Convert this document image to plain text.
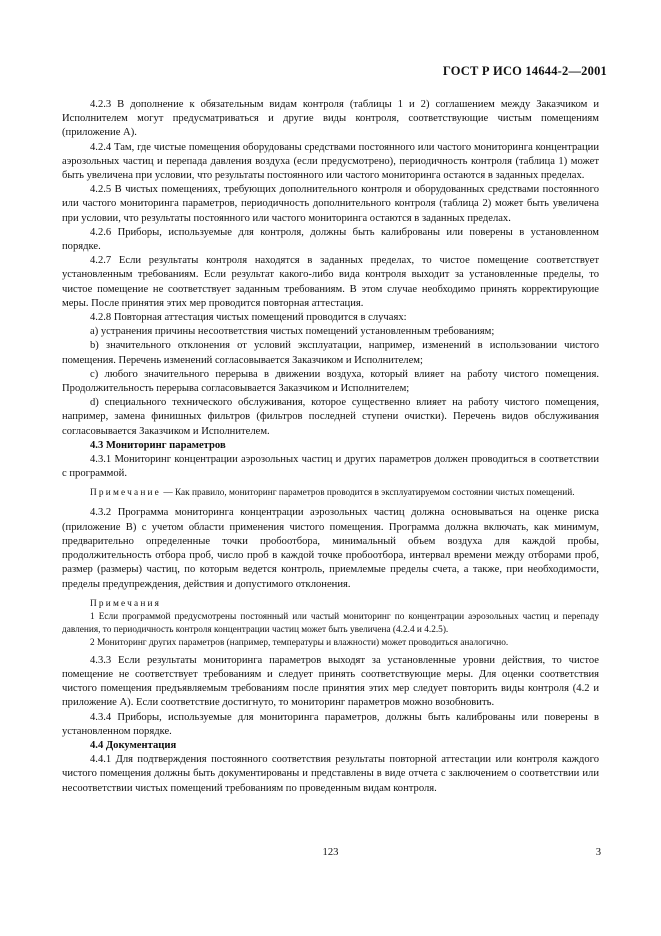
ГОСТ Р ИСО 14644-2—2001

4.2.3 В дополнение к обязательным видам контроля (таблицы 1 и 2) соглашением между Заказчиком и Исполнителем могут предусматриваться и другие виды контроля, соответствующие чистым помещениям (приложение А).

4.2.4 Там, где чистые помещения оборудованы средствами постоянного или частого мониторинга концентрации аэрозольных частиц и перепада давления воздуха (если предусмотрено), периодичность контроля (таблица 1) может быть увеличена при условии, что результаты постоянного или частого мониторинга остаются в заданных пределах.

4.2.5 В чистых помещениях, требующих дополнительного контроля и оборудованных средствами постоянного или частого мониторинга параметров, периодичность дополнительного контроля (таблица 2) может быть увеличена при условии, что результаты постоянного или частого мониторинга остаются в заданных пределах.

4.2.6 Приборы, используемые для контроля, должны быть калиброваны или поверены в установленном порядке.

4.2.7 Если результаты контроля находятся в заданных пределах, то чистое помещение соответствует установленным требованиям. Если результат какого-либо вида контроля выходит за установленные пределы, то чистое помещение не соответствует заданным требованиям. В этом случае необходимо принять корректирующие меры. После принятия этих мер проводится повторная аттестация.

4.2.8 Повторная аттестация чистых помещений проводится в случаях:

а) устранения причины несоответствия чистых помещений установленным требованиям;

b) значительного отклонения от условий эксплуатации, например, изменений в использовании чистого помещения. Перечень изменений согласовывается Заказчиком и Исполнителем;

c) любого значительного перерыва в движении воздуха, который влияет на работу чистого помещения. Продолжительность перерыва согласовывается Заказчиком и Исполнителем;

d) специального технического обслуживания, которое существенно влияет на работу чистого помещения, например, замена финишных фильтров (фильтров последней ступени очистки). Перечень видов обслуживания согласовывается Заказчиком и Исполнителем.

4.3 Мониторинг параметров

4.3.1 Мониторинг концентрации аэрозольных частиц и других параметров должен проводиться в соответствии с программой.

Примечание — Как правило, мониторинг параметров проводится в эксплуатируемом состоянии чистых помещений.

4.3.2 Программа мониторинга концентрации аэрозольных частиц должна основываться на оценке риска (приложение В) с учетом области применения чистого помещения. Программа должна включать, как минимум, предварительно определенные точки пробоотбора, минимальный объем воздуха для каждой пробы, продолжительность отбора проб, число проб в каждой точке пробоотбора, интервал времени между отборами проб, размер (размеры) частиц, по которым ведется контроль, приемлемые пределы счета, а также, при необходимости, пределы предупреждения, действия и допустимого отклонения.

Примечания

1 Если программой предусмотрены постоянный или частый мониторинг по концентрации аэрозольных частиц и перепаду давления, то периодичность контроля концентрации частиц может быть увеличена (4.2.4 и 4.2.5).

2 Мониторинг других параметров (например, температуры и влажности) может проводиться аналогично.

4.3.3 Если результаты мониторинга параметров выходят за установленные уровни действия, то чистое помещение не соответствует требованиям и следует принять соответствующие меры. Для оценки соответствия чистого помещения предъявляемым требованиям после принятия этих мер следует повторить виды контроля (4.2 и приложение А). Если соответствие достигнуто, то мониторинг параметров можно возобновить.

4.3.4 Приборы, используемые для мониторинга параметров, должны быть калиброваны или поверены в установленном порядке.

4.4 Документация

4.4.1 Для подтверждения постоянного соответствия результаты повторной аттестации или контроля каждого чистого помещения должны быть документированы и представлены в виде отчета с заключением о соответствии или несоответствии чистых помещений требованиям по проведенным видам контроля.

123	3
